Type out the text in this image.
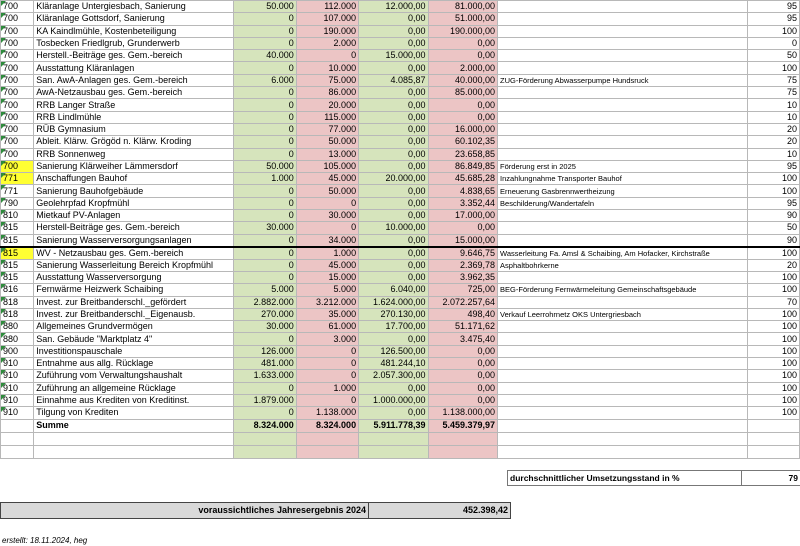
700	Kläranlage Untergiesbach, Sanierung	50.000	112.000	12.000,00	81.000,00		95

700	Kläranlage Gottsdorf, Sanierung	0	107.000	0,00	51.000,00		95

700	KA Kaindlmühle, Kostenbeteiligung	0	190.000	0,00	190.000,00		100

700	Tosbecken Friedlgrub, Grunderwerb	0	2.000	0,00	0,00		0

700	Herstell.-Beiträge ges. Gem.-bereich	40.000	0	15.000,00	0,00		50

700	Ausstattung Kläranlagen	0	10.000	0,00	2.000,00		100

700	San. AwA-Anlagen ges. Gem.-bereich	6.000	75.000	4.085,87	40.000,00	ZUG-Förderung Abwasserpumpe Hundsruck	75

700	AwA-Netzausbau ges. Gem.-bereich	0	86.000	0,00	85.000,00		75

700	RRB Langer Straße	0	20.000	0,00	0,00		10

700	RRB Lindlmühle	0	115.000	0,00	0,00		10

700	RÜB Gymnasium	0	77.000	0,00	16.000,00		20

700	Ableit. Klärw. Grögöd n. Klärw. Kroding	0	50.000	0,00	60.102,35		20

700	RRB Sonnenweg	0	13.000	0,00	23.658,85		10

700	Sanierung Klärweiher Lämmersdorf	50.000	105.000	0,00	86.849,85	Förderung erst in 2025	95

771	Anschaffungen Bauhof	1.000	45.000	20.000,00	45.685,28	Inzahlungnahme Transporter Bauhof	100

771	Sanierung Bauhofgebäude	0	50.000	0,00	4.838,65	Erneuerung Gasbrennwertheizung	100

790	Geolehrpfad Kropfmühl	0	0	0,00	3.352,44	Beschilderung/Wandertafeln	95

810	Mietkauf PV-Anlagen	0	30.000	0,00	17.000,00		90

815	Herstell-Beiträge ges. Gem.-bereich	30.000	0	10.000,00	0,00		50

815	Sanierung Wasserversorgungsanlagen	0	34.000	0,00	15.000,00		90

815	WV - Netzausbau ges. Gem.-bereich	0	1.000	0,00	9.646,75	Wasserleitung Fa. Amsl & Schaibing, Am Hofacker, Kirchstraße	100

815	Sanierung Wasserleitung Bereich Kropfmühl	0	45.000	0,00	2.369,78	Asphaltbohrkerne	20

815	Ausstattung Wasserversorgung	0	15.000	0,00	3.962,35		100

816	Fernwärme Heizwerk Schaibing	5.000	5.000	6.040,00	725,00	BEG-Förderung Fernwärmeleitung Gemeinschaftsgebäude	100

818	Invest. zur Breitbanderschl._gefördert	2.882.000	3.212.000	1.624.000,00	2.072.257,64		70

818	Invest. zur Breitbanderschl._Eigenausb.	270.000	35.000	270.130,00	498,40	Verkauf Leerrohrnetz OKS Untergriesbach	100

880	Allgemeines Grundvermögen	30.000	61.000	17.700,00	51.171,62		100

880	San. Gebäude "Marktplatz 4"	0	3.000	0,00	3.475,40		100

900	Investitionspauschale	126.000	0	126.500,00	0,00		100

910	Entnahme aus allg. Rücklage	481.000	0	481.244,10	0,00		100

910	Zuführung vom Verwaltungshaushalt	1.633.000	0	2.057.300,00	0,00		100

910	Zuführung an allgemeine Rücklage	0	1.000	0,00	0,00		100

910	Einnahme aus Krediten von Kreditinst.	1.879.000	0	1.000.000,00	0,00		100

910	Tilgung von Krediten	0	1.138.000	0,00	1.138.000,00		100
	Summe	8.324.000	8.324.000	5.911.778,39	5.459.379,97		

durchschnittlicher Umsetzungsstand in %	79
voraussichtliches Jahresergebnis 2024	452.398,42
erstellt: 18.11.2024, heg
